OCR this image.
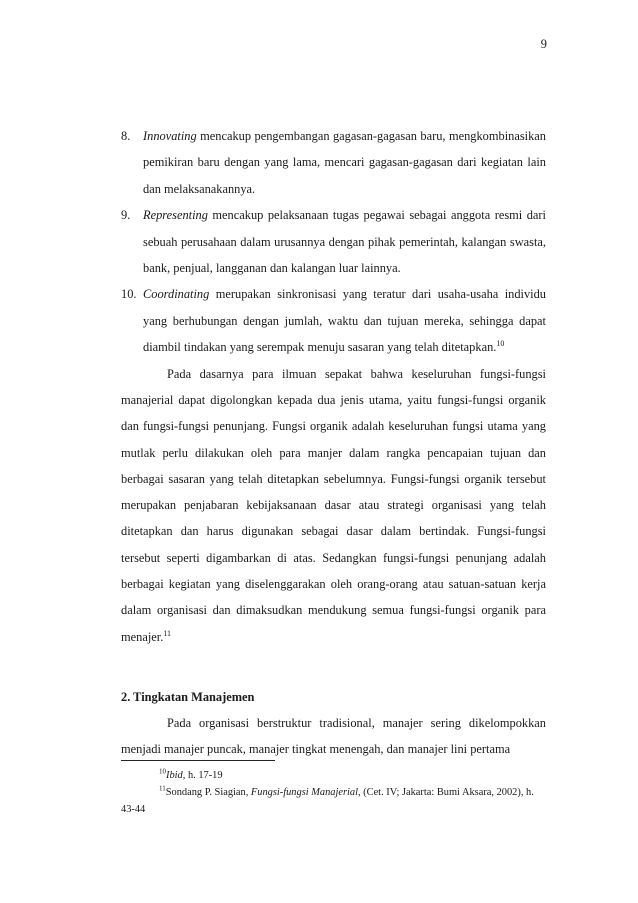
9

8. Innovating mencakup pengembangan gagasan-gagasan baru, mengkombinasikan pemikiran baru dengan yang lama, mencari gagasan-gagasan dari kegiatan lain dan melaksanakannya.

9. Representing mencakup pelaksanaan tugas pegawai sebagai anggota resmi dari sebuah perusahaan dalam urusannya dengan pihak pemerintah, kalangan swasta, bank, penjual, langganan dan kalangan luar lainnya.

10. Coordinating merupakan sinkronisasi yang teratur dari usaha-usaha individu yang berhubungan dengan jumlah, waktu dan tujuan mereka, sehingga dapat diambil tindakan yang serempak menuju sasaran yang telah ditetapkan.$^{10}$

Pada dasarnya para ilmuan sepakat bahwa keseluruhan fungsi-fungsi manajerial dapat digolongkan kepada dua jenis utama, yaitu fungsi-fungsi organik dan fungsi-fungsi penunjang. Fungsi organik adalah keseluruhan fungsi utama yang mutlak perlu dilakukan oleh para manjer dalam rangka pencapaian tujuan dan berbagai sasaran yang telah ditetapkan sebelumnya. Fungsi-fungsi organik tersebut merupakan penjabaran kebijaksanaan dasar atau strategi organisasi yang telah ditetapkan dan harus digunakan sebagai dasar dalam bertindak. Fungsi-fungsi tersebut seperti digambarkan di atas. Sedangkan fungsi-fungsi penunjang adalah berbagai kegiatan yang diselenggarakan oleh orang-orang atau satuan-satuan kerja dalam organisasi dan dimaksudkan mendukung semua fungsi-fungsi organik para menajer.$^{11}$

2. Tingkatan Manajemen

Pada organisasi berstruktur tradisional, manajer sering dikelompokkan menjadi manajer puncak, manajer tingkat menengah, dan manajer lini pertama

$^{10}$Ibid, h. 17-19

$^{11}$Sondang P. Siagian, Fungsi-fungsi Manajerial, (Cet. IV; Jakarta: Bumi Aksara, 2002), h. 43-44
